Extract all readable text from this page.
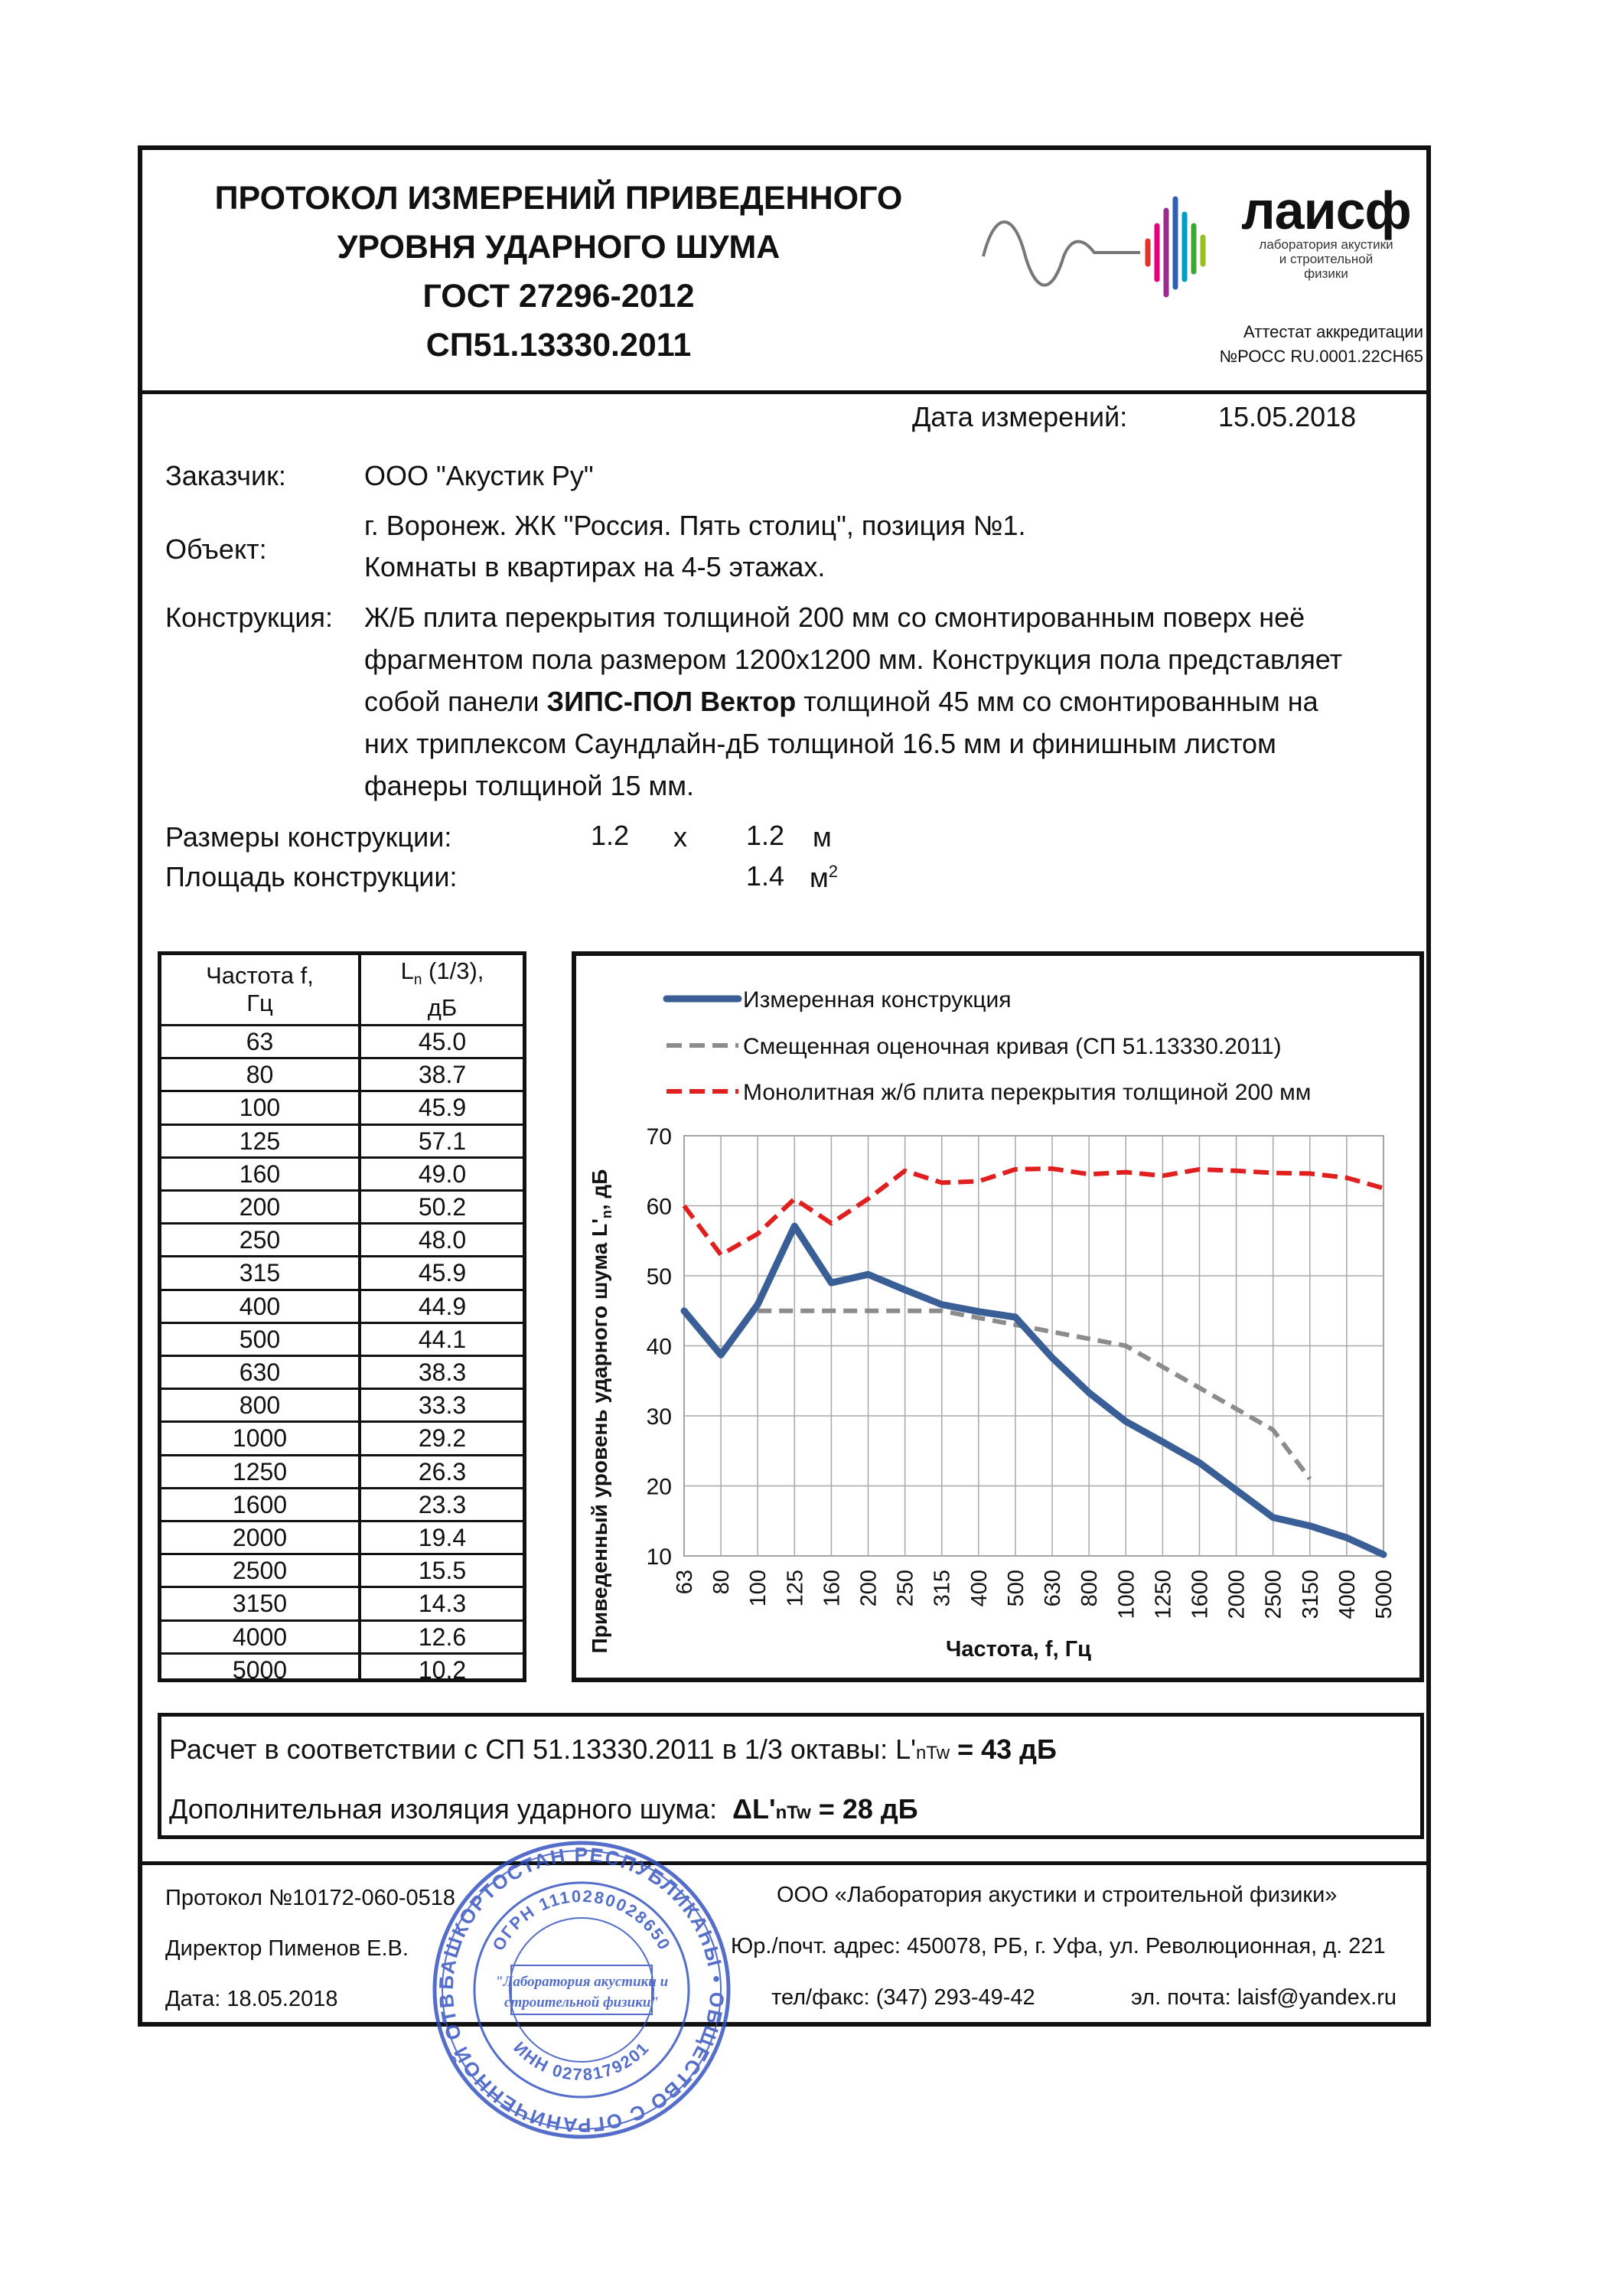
ПРОТОКОЛ ИЗМЕРЕНИЙ ПРИВЕДЕННОГО
УРОВНЯ УДАРНОГО ШУМА
ГОСТ 27296-2012
СП51.13330.2011
лаисф
лаборатория акустики
и строительной
физики
Аттестат аккредитации
№РОСС RU.0001.22СН65
Дата измерений:	15.05.2018
Заказчик:	ООО "Акустик Ру"
Объект:
г. Воронеж. ЖК "Россия. Пять столиц", позиция №1.
Комнаты в квартирах на 4-5 этажах.
Конструкция: Ж/Б плита перекрытия толщиной 200 мм со смонтированным поверх неё
фрагментом пола размером 1200х1200 мм. Конструкция пола представляет
собой панели ЗИПС-ПОЛ Вектор толщиной 45 мм со смонтированным на
них триплексом Саундлайн-дБ толщиной 16.5 мм и финишным листом
фанеры толщиной 15 мм.
Размеры конструкции:	1.2 x 1.2 м
Площадь конструкции:	1.4 $м^2$
Частота f,
Гц
$L_n$ (1/3),
дБ
63	45.0
80	38.7
100	45.9
125	57.1
160	49.0
200	50.2
250	48.0
315	45.9
400	44.9
500	44.1
630	38.3
800	33.3
1000	29.2
1250	26.3
1600	23.3
2000	19.4
2500	15.5
3150	14.3
4000	12.6
5000	10.2
10
20
30
40
50
60
70
63 80 100 125 160 200 250 315 400 500 630 800 1000 1250 1600 2000 2500 3150 4000 5000
Частота, f, Гц
Приведенный уровень ударного шума $L'_n$, дБ
Измеренная конструкция
Смещенная оценочная кривая (СП 51.13330.2011)
Монолитная ж/б плита перекрытия толщиной 200 мм
Расчет в соответствии с СП 51.13330.2011 в 1/3 октавы: L'nTw = 43 дБ
Дополнительная изоляция ударного шума:  ΔL'nTw = 28 дБ
Протокол №10172-060-0518
Директор Пименов Е.В.
Дата: 18.05.2018
ООО «Лаборатория акустики и строительной физики»
Юр./почт. адрес: 450078, РБ, г. Уфа, ул. Революционная, д. 221
тел/факс: (347) 293-49-42	эл. почта: laisf@yandex.ru
БАШКОРТОСТАН РЕСПУБЛИКАҺЫ • ОБЩЕСТВО С ОГРАНИЧЕННОЙ ОТВ
ОГРН 1110280028650
ИНН 0278179201
"Лаборатория акустики и
строительной физики"
